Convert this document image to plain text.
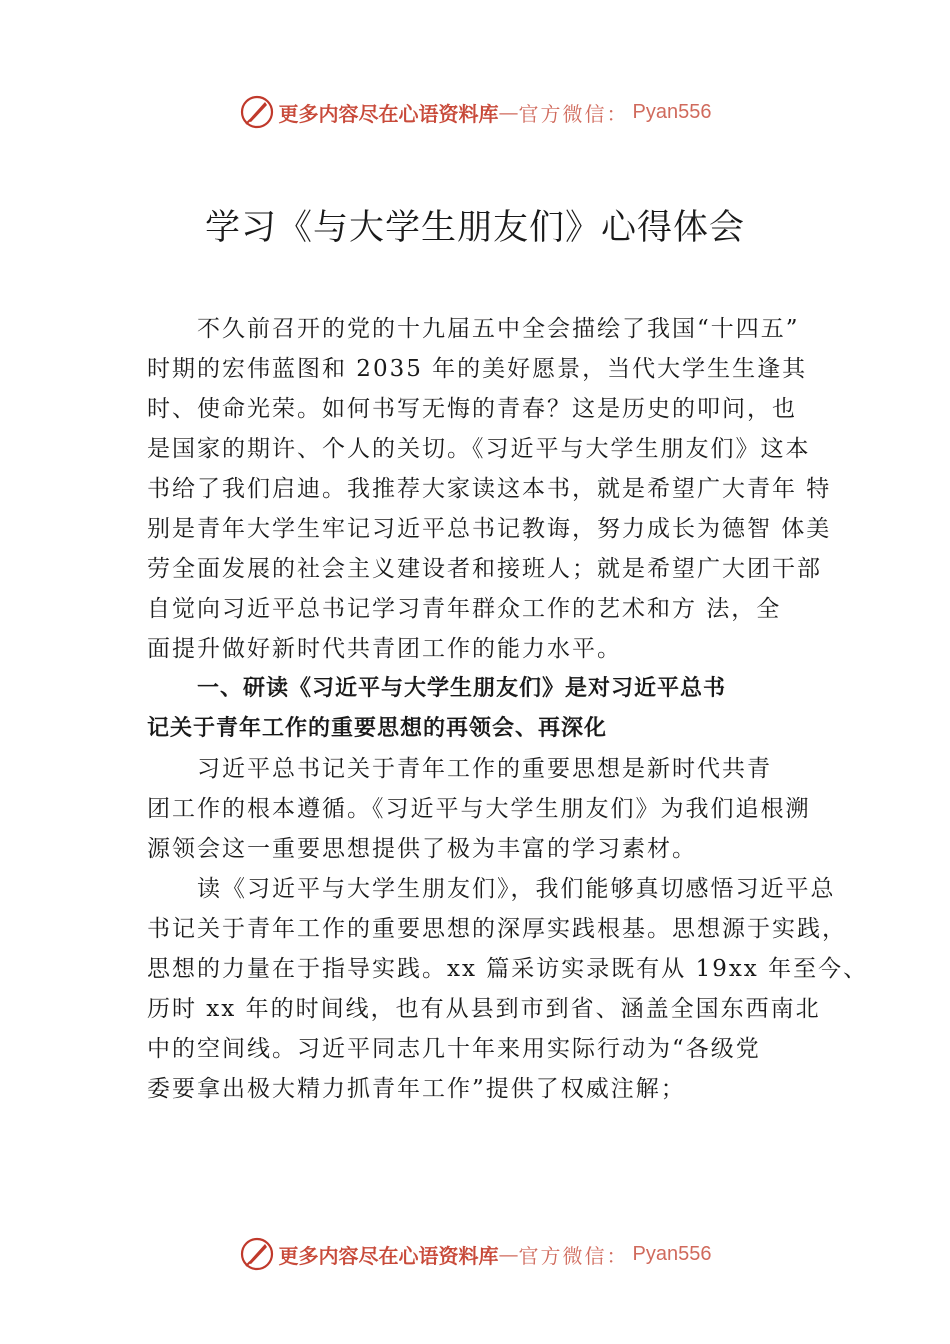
更多内容尽在心语资料库 — 官方微信： Pyan556
学习《与大学生朋友们》心得体会
不久前召开的党的十九届五中全会描绘了我国“十四五”
时期的宏伟蓝图和 2035 年的美好愿景，当代大学生生逢其
时、使命光荣。如何书写无悔的青春？这是历史的叩问，也
是国家的期许、个人的关切。《习近平与大学生朋友们》这本
书给了我们启迪。我推荐大家读这本书，就是希望广大青年 特
别是青年大学生牢记习近平总书记教诲，努力成长为德智 体美
劳全面发展的社会主义建设者和接班人；就是希望广大团干部
自觉向习近平总书记学习青年群众工作的艺术和方 法，全
面提升做好新时代共青团工作的能力水平。
一、研读《习近平与大学生朋友们》是对习近平总书
记关于青年工作的重要思想的再领会、再深化
习近平总书记关于青年工作的重要思想是新时代共青
团工作的根本遵循。《习近平与大学生朋友们》为我们追根溯
源领会这一重要思想提供了极为丰富的学习素材。
读《习近平与大学生朋友们》，我们能够真切感悟习近平总
书记关于青年工作的重要思想的深厚实践根基。思想源于实践，
思想的力量在于指导实践。xx 篇采访实录既有从 19xx 年至今、
历时 xx 年的时间线，也有从县到市到省、涵盖全国东西南北
中的空间线。习近平同志几十年来用实际行动为“各级党
委要拿出极大精力抓青年工作”提供了权威注解；
更多内容尽在心语资料库 — 官方微信： Pyan556
